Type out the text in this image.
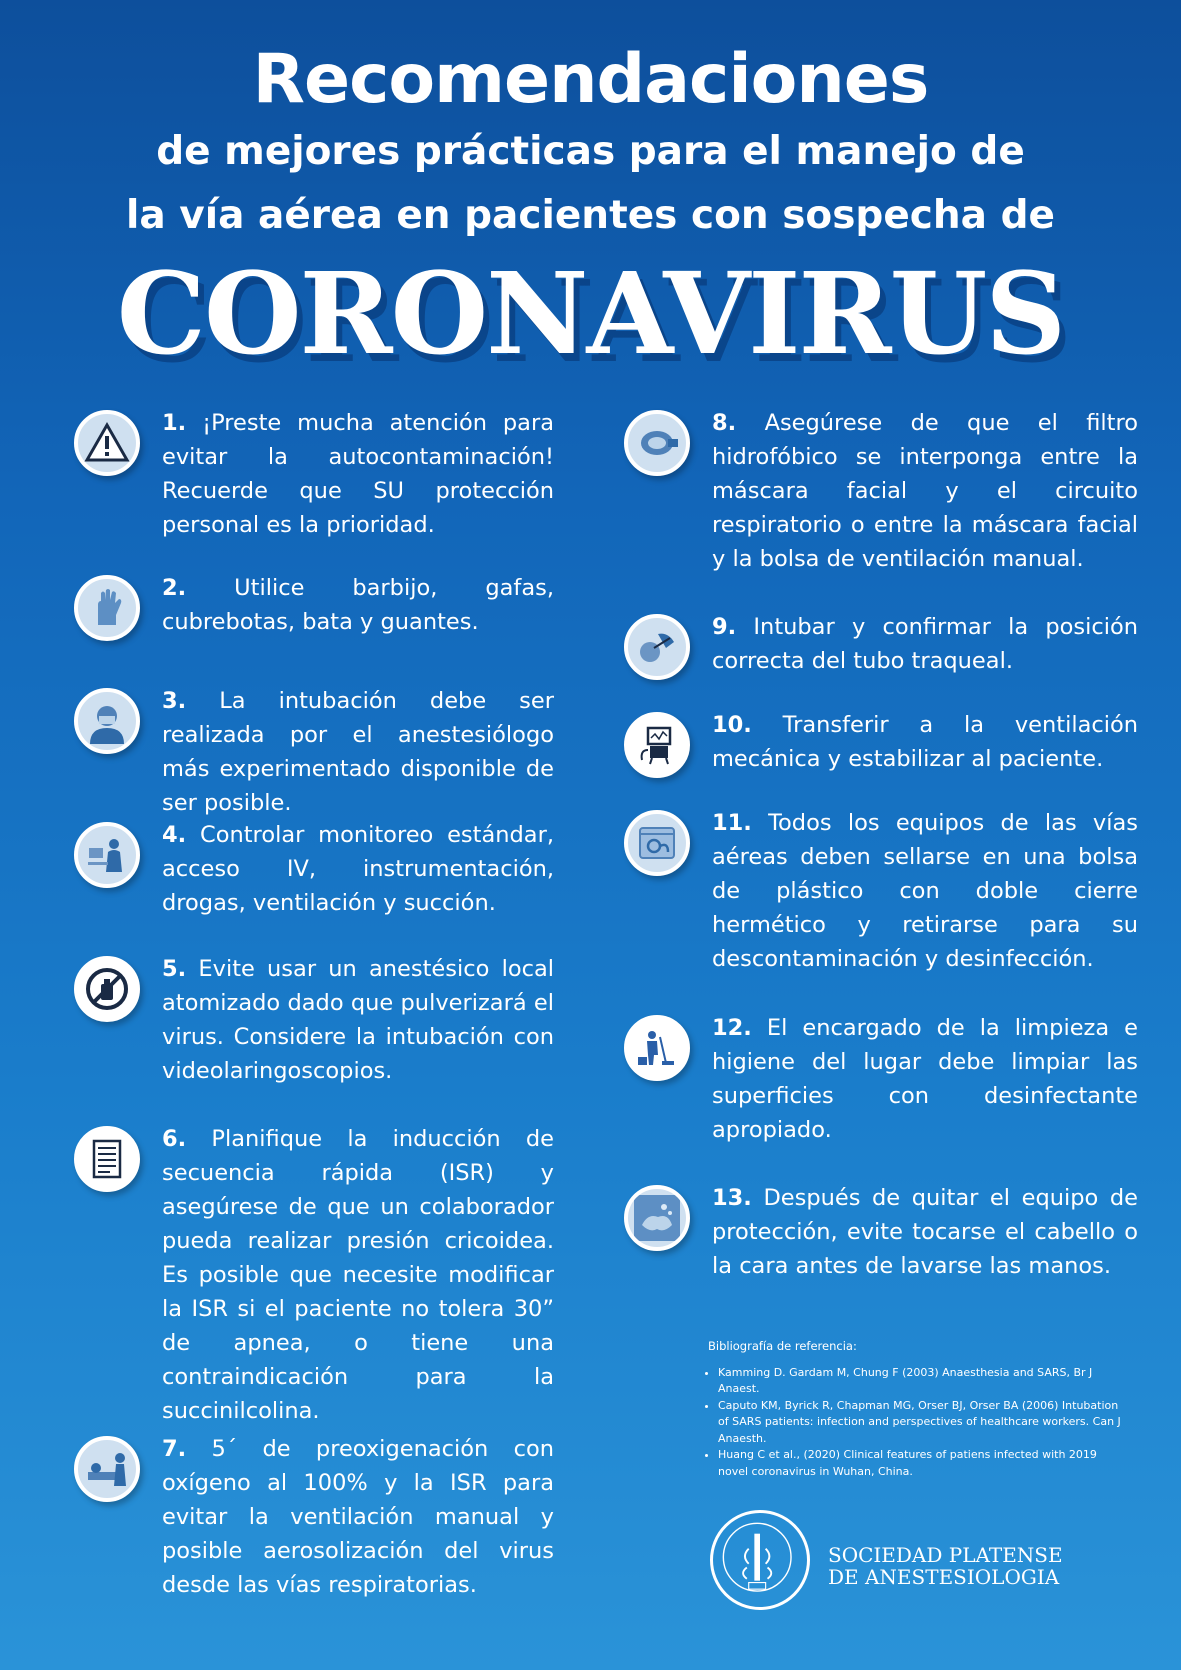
Recomendaciones
de mejores prácticas para el manejo de
la vía aérea en pacientes con sospecha de
CORONAVIRUS
1. ¡Preste mucha atención para evitar la autocontaminación! Recuerde que SU protección personal es la prioridad.
2. Utilice barbijo, gafas, cubrebotas, bata y guantes.
3. La intubación debe ser realizada por el anestesiólogo más experimentado disponible de ser posible.
4. Controlar monitoreo estándar, acceso IV, instrumentación, drogas, ventilación y succión.
5. Evite usar un anestésico local atomizado dado que pulverizará el virus. Considere la intubación con videolaringoscopios.
6. Planifique la inducción de secuencia rápida (ISR) y asegúrese de que un colaborador pueda realizar presión cricoidea. Es posible que necesite modificar la ISR si el paciente no tolera 30” de apnea, o tiene una contraindicación para la succinilcolina.
7. 5´ de preoxigenación con oxígeno al 100% y la ISR para evitar la ventilación manual y posible aerosolización del virus desde las vías respiratorias.
8. Asegúrese de que el filtro hidrofóbico se interponga entre la máscara facial y el circuito respiratorio o entre la máscara facial y la bolsa de ventilación manual.
9. Intubar y confirmar la posición correcta del tubo traqueal.
10. Transferir a la ventilación mecánica y estabilizar al paciente.
11. Todos los equipos de las vías aéreas deben sellarse en una bolsa de plástico con doble cierre hermético y retirarse para su descontaminación y desinfección.
12. El encargado de la limpieza e higiene del lugar debe limpiar las superficies con desinfectante apropiado.
13. Después de quitar el equipo de protección, evite tocarse el cabello o la cara antes de lavarse las manos.
Bibliografía de referencia:
• Kamming D. Gardam M, Chung F (2003) Anaesthesia and SARS, Br J Anaest.
• Caputo KM, Byrick R, Chapman MG, Orser BJ, Orser BA (2006) Intubation of SARS patients: infection and perspectives of healthcare workers. Can J Anaesth.
• Huang C et al., (2020) Clinical features of patiens infected with 2019 novel coronavirus in Wuhan, China.
SOCIEDAD PLATENSE
DE ANESTESIOLOGIA
